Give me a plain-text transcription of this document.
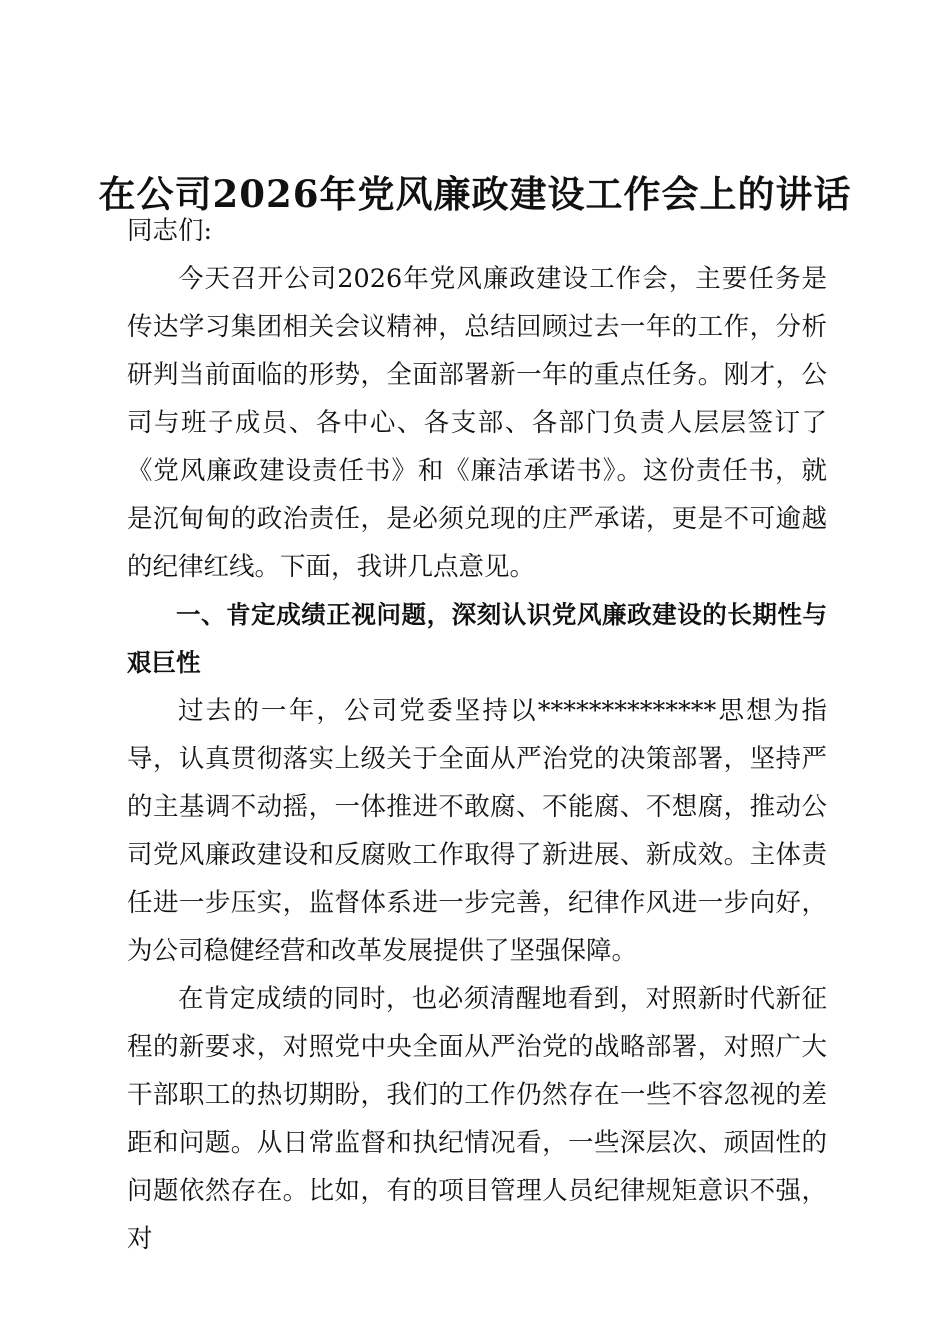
在公司2026年党风廉政建设工作会上的讲话

同志们:

今天召开公司2026年党风廉政建设工作会，主要任务是传达学习集团相关会议精神，总结回顾过去一年的工作，分析研判当前面临的形势，全面部署新一年的重点任务。刚才，公司与班子成员、各中心、各支部、各部门负责人层层签订了《党风廉政建设责任书》和《廉洁承诺书》。这份责任书，就是沉甸甸的政治责任，是必须兑现的庄严承诺，更是不可逾越的纪律红线。下面，我讲几点意见。

一、肯定成绩正视问题，深刻认识党风廉政建设的长期性与艰巨性

过去的一年，公司党委坚持以**************思想为指导，认真贯彻落实上级关于全面从严治党的决策部署，坚持严的主基调不动摇，一体推进不敢腐、不能腐、不想腐，推动公司党风廉政建设和反腐败工作取得了新进展、新成效。主体责任进一步压实，监督体系进一步完善，纪律作风进一步向好，为公司稳健经营和改革发展提供了坚强保障。

在肯定成绩的同时，也必须清醒地看到，对照新时代新征程的新要求，对照党中央全面从严治党的战略部署，对照广大干部职工的热切期盼，我们的工作仍然存在一些不容忽视的差距和问题。从日常监督和执纪情况看，一些深层次、顽固性的问题依然存在。比如，有的项目管理人员纪律规矩意识不强，对
